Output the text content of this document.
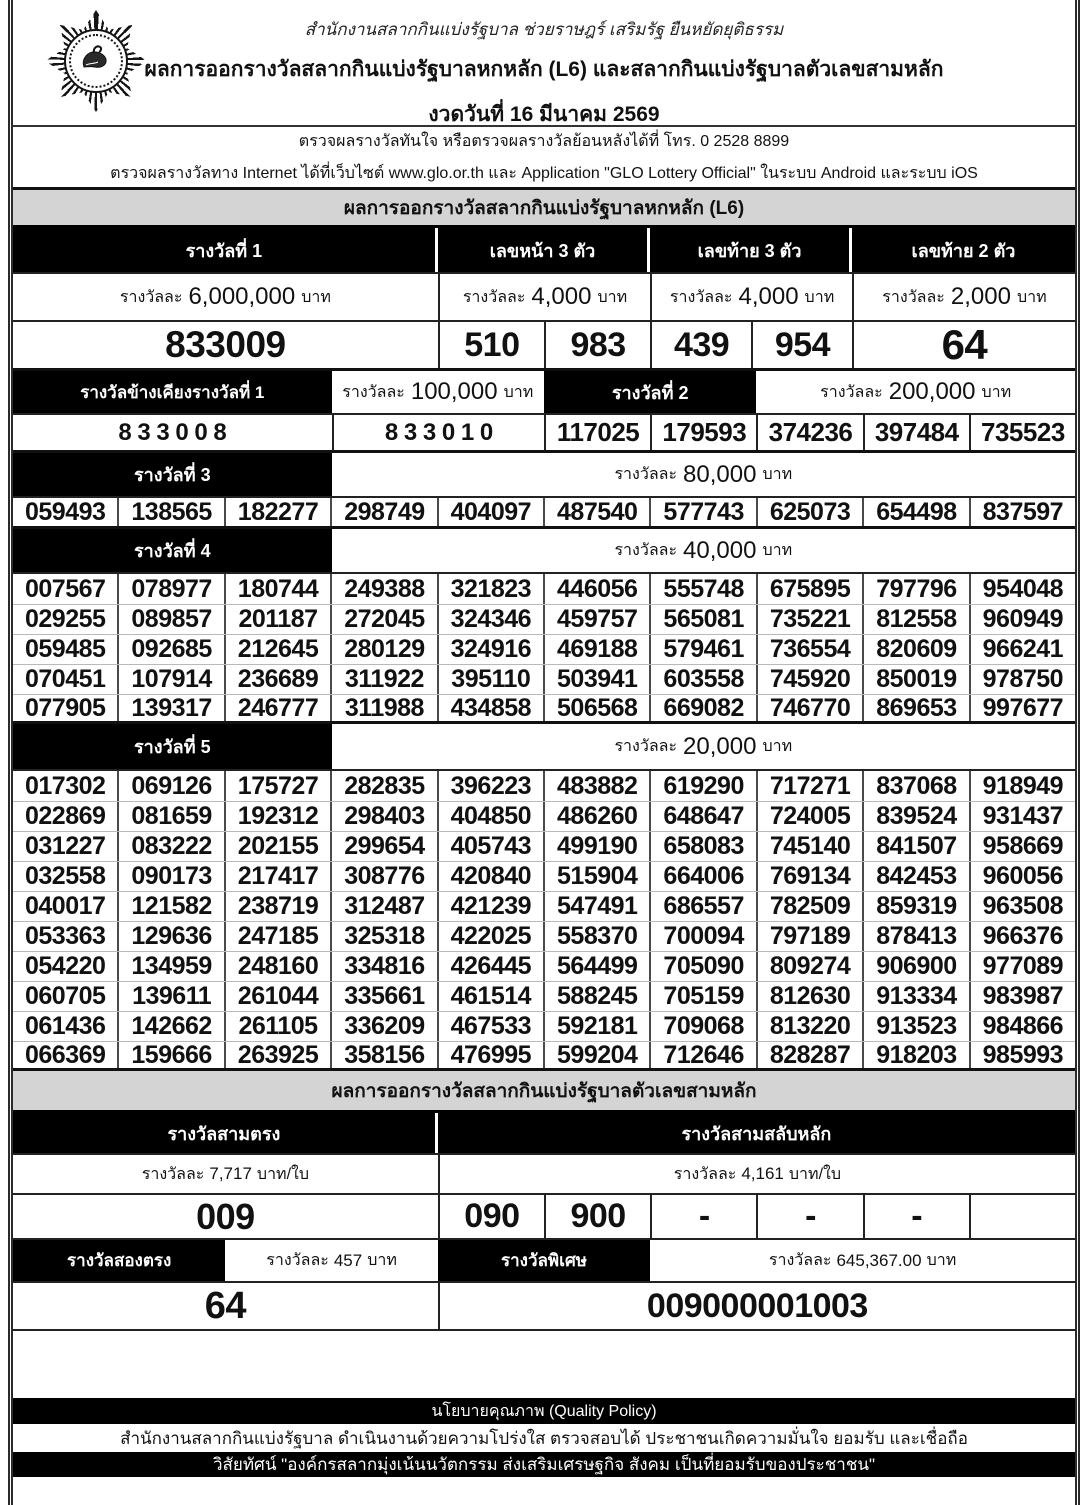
สำนักงานสลากกินแบ่งรัฐบาล ช่วยราษฎร์ เสริมรัฐ ยืนหยัดยุติธรรม
ผลการออกรางวัลสลากกินแบ่งรัฐบาลหกหลัก (L6) และสลากกินแบ่งรัฐบาลตัวเลขสามหลัก
งวดวันที่ 16 มีนาคม 2569
ตรวจผลรางวัลทันใจ หรือตรวจผลรางวัลย้อนหลังได้ที่ โทร. 0 2528 8899
ตรวจผลรางวัลทาง Internet ได้ที่เว็บไซต์ www.glo.or.th และ Application "GLO Lottery Official" ในระบบ Android และระบบ iOS
ผลการออกรางวัลสลากกินแบ่งรัฐบาลหกหลัก (L6)
รางวัลที่ 1	เลขหน้า 3 ตัว	เลขท้าย 3 ตัว	เลขท้าย 2 ตัว
รางวัลละ 6,000,000 บาท	รางวัลละ 4,000 บาท	รางวัลละ 4,000 บาท	รางวัลละ 2,000 บาท
833009	510	983	439	954	64
รางวัลข้างเคียงรางวัลที่ 1	รางวัลละ 100,000 บาท	รางวัลที่ 2	รางวัลละ 200,000 บาท
8 3 3 0 0 8	8 3 3 0 1 0	117025 179593 374236 397484 735523
รางวัลที่ 3	รางวัลละ 80,000 บาท
059493	138565	182277	298749	404097	487540	577743	625073	654498	837597
รางวัลที่ 4	รางวัลละ 40,000 บาท
007567	078977	180744	249388	321823	446056	555748	675895	797796	954048
029255	089857	201187	272045	324346	459757	565081	735221	812558	960949
059485	092685	212645	280129	324916	469188	579461	736554	820609	966241
070451	107914	236689	311922	395110	503941	603558	745920	850019	978750
077905	139317	246777	311988	434858	506568	669082	746770	869653	997677
รางวัลที่ 5	รางวัลละ 20,000 บาท
017302	069126	175727	282835	396223	483882	619290	717271	837068	918949
022869	081659	192312	298403	404850	486260	648647	724005	839524	931437
031227	083222	202155	299654	405743	499190	658083	745140	841507	958669
032558	090173	217417	308776	420840	515904	664006	769134	842453	960056
040017	121582	238719	312487	421239	547491	686557	782509	859319	963508
053363	129636	247185	325318	422025	558370	700094	797189	878413	966376
054220	134959	248160	334816	426445	564499	705090	809274	906900	977089
060705	139611	261044	335661	461514	588245	705159	812630	913334	983987
061436	142662	261105	336209	467533	592181	709068	813220	913523	984866
066369	159666	263925	358156	476995	599204	712646	828287	918203	985993
ผลการออกรางวัลสลากกินแบ่งรัฐบาลตัวเลขสามหลัก
รางวัลสามตรง	รางวัลสามสลับหลัก
รางวัลละ 7,717 บาท/ใบ	รางวัลละ 4,161 บาท/ใบ
009	090	900	-	-	-
รางวัลสองตรง	รางวัลละ 457 บาท	รางวัลพิเศษ	รางวัลละ 645,367.00 บาท
64	009000001003
นโยบายคุณภาพ (Quality Policy)
สำนักงานสลากกินแบ่งรัฐบาล ดำเนินงานด้วยความโปร่งใส ตรวจสอบได้ ประชาชนเกิดความมั่นใจ ยอมรับ และเชื่อถือ
วิสัยทัศน์ "องค์กรสลากมุ่งเน้นนวัตกรรม ส่งเสริมเศรษฐกิจ สังคม เป็นที่ยอมรับของประชาชน"
